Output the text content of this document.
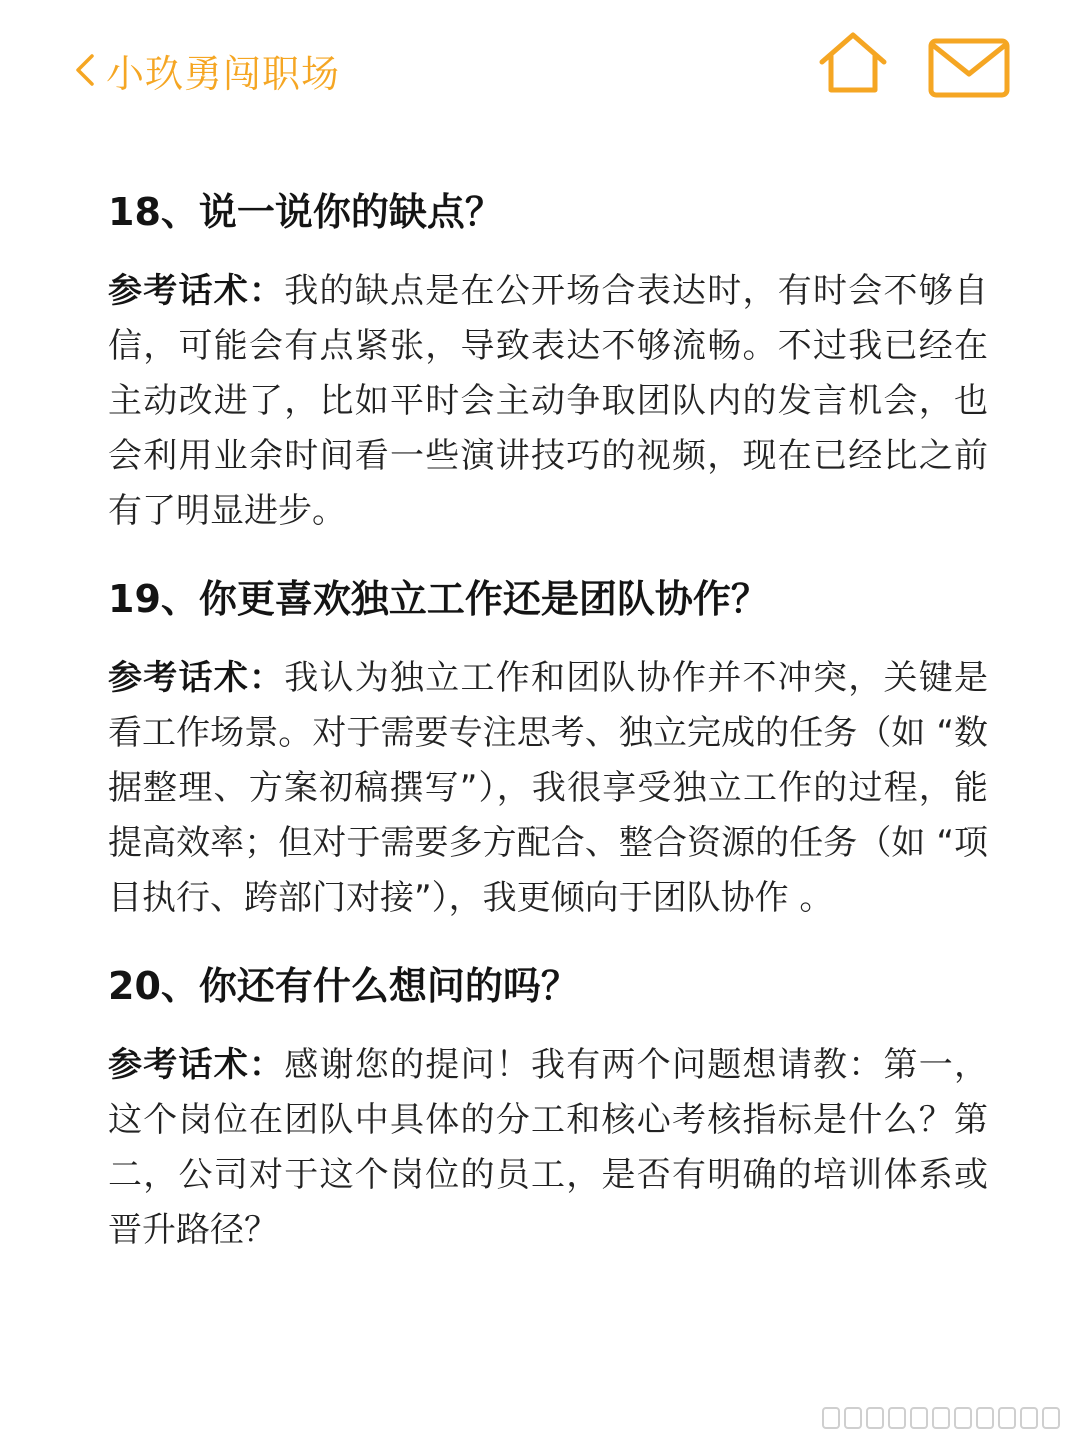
小玖勇闯职场
18、说一说你的缺点？

参考话术：我的缺点是在公开场合表达时，有时会不够自信，可能会有点紧张，导致表达不够流畅。不过我已经在主动改进了，比如平时会主动争取团队内的发言机会，也会利用业余时间看一些演讲技巧的视频，现在已经比之前有了明显进步。

19、你更喜欢独立工作还是团队协作？

参考话术：我认为独立工作和团队协作并不冲突，关键是看工作场景。对于需要专注思考、独立完成的任务（如 “数据整理、方案初稿撰写”），我很享受独立工作的过程，能提高效率；但对于需要多方配合、整合资源的任务（如 “项目执行、跨部门对接”），我更倾向于团队协作 。

20、你还有什么想问的吗？

参考话术：感谢您的提问！我有两个问题想请教：第一，这个岗位在团队中具体的分工和核心考核指标是什么？第二，公司对于这个岗位的员工，是否有明确的培训体系或晋升路径？
